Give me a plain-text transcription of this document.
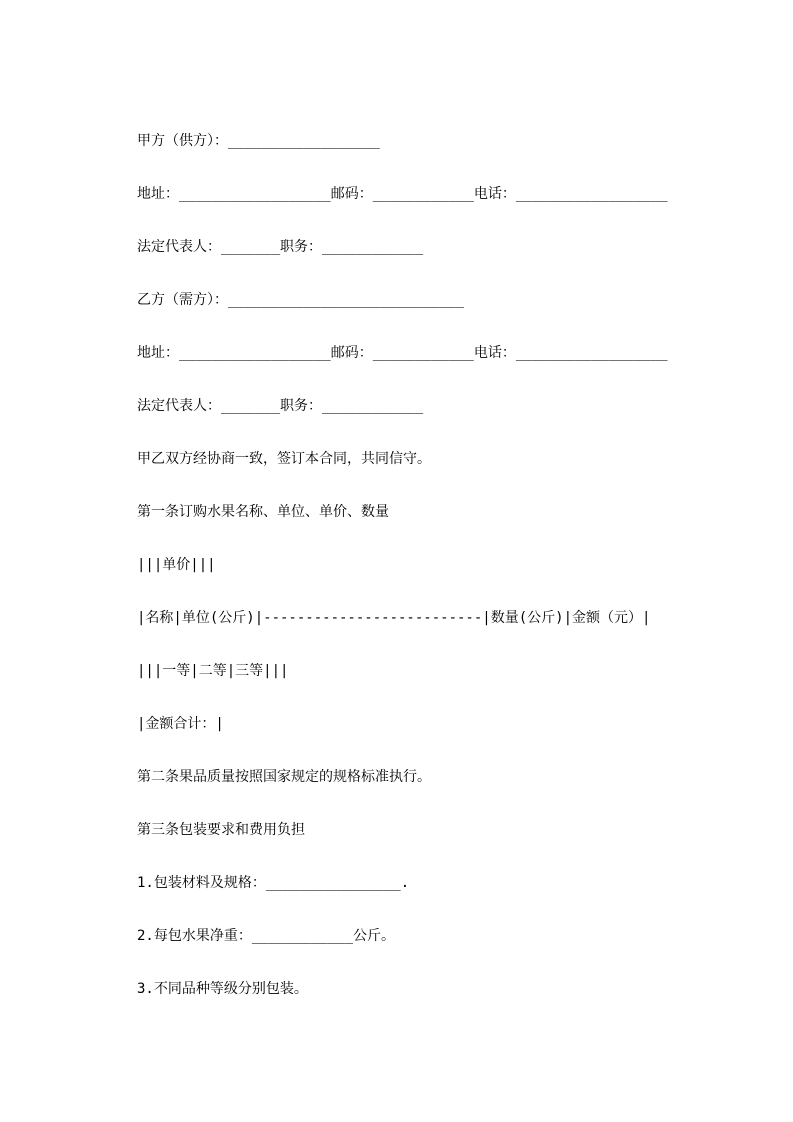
甲方（供方）：__________________
地址：__________________邮码：____________电话：__________________
法定代表人：_______职务：____________
乙方（需方）：____________________________
地址：__________________邮码：____________电话：__________________
法定代表人：_______职务：____________
甲乙双方经协商一致，签订本合同，共同信守。
第一条订购水果名称、单位、单价、数量
|||单价|||
|名称|单位(公斤)|--------------------------|数量(公斤)|金额（元）|
|||一等|二等|三等|||
|金额合计：|
第二条果品质量按照国家规定的规格标准执行。
第三条包装要求和费用负担
1.包装材料及规格：________________.
2.每包水果净重：____________公斤。
3.不同品种等级分别包装。
